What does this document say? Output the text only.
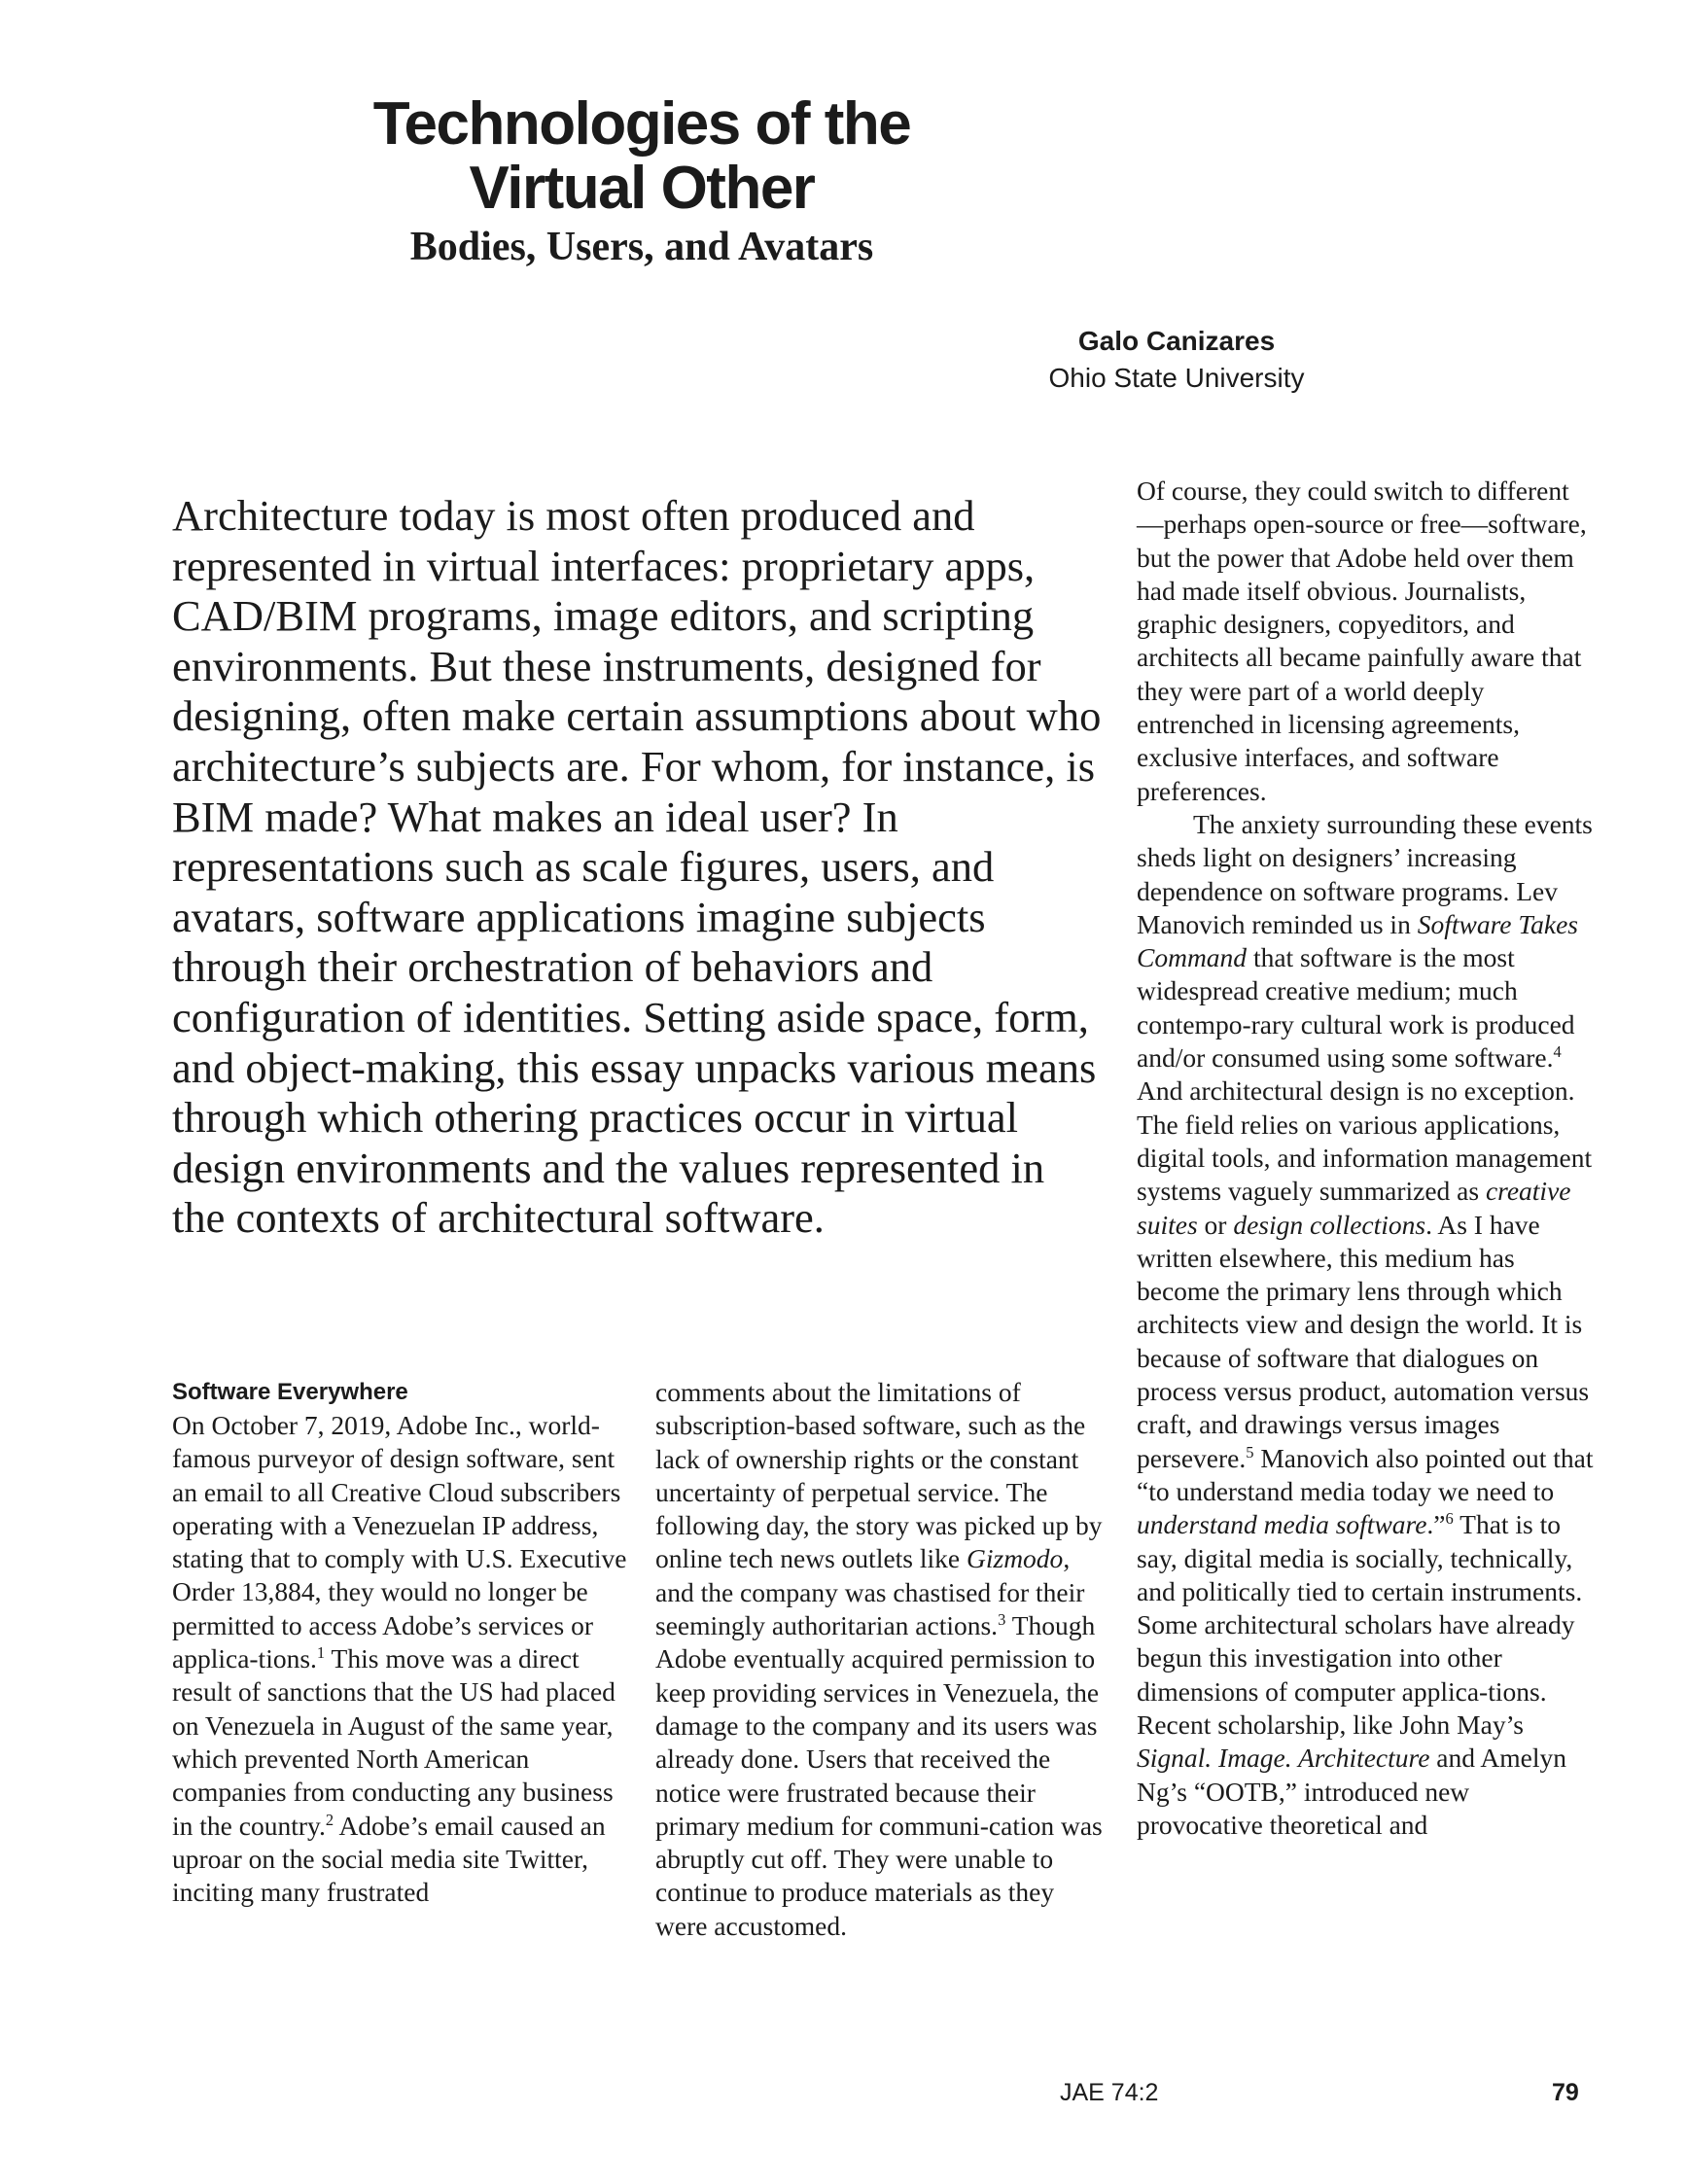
Technologies of the
Virtual Other
Bodies, Users, and Avatars
Galo Canizares
Ohio State University

Architecture today is most often produced and represented in virtual interfaces: proprietary apps, CAD/BIM programs, image editors, and scripting environments. But these instruments, designed for designing, often make certain assumptions about who architecture’s subjects are. For whom, for instance, is BIM made? What makes an ideal user? In representations such as scale figures, users, and avatars, software applications imagine subjects through their orchestration of behaviors and configuration of identities. Setting aside space, form, and object-making, this essay unpacks various means through which othering practices occur in virtual design environments and the values represented in the contexts of architectural software.

Software Everywhere

On October 7, 2019, Adobe Inc., world-famous purveyor of design software, sent an email to all Creative Cloud subscribers operating with a Venezuelan IP address, stating that to comply with U.S. Executive Order 13,884, they would no longer be permitted to access Adobe’s services or applica-tions.$^1$ This move was a direct result of sanctions that the US had placed on Venezuela in August of the same year, which prevented North American companies from conducting any business in the country.$^2$ Adobe’s email caused an uproar on the social media site Twitter, inciting many frustrated

comments about the limitations of subscription-based software, such as the lack of ownership rights or the constant uncertainty of perpetual service. The following day, the story was picked up by online tech news outlets like Gizmodo, and the company was chastised for their seemingly authoritarian actions.$^3$ Though Adobe eventually acquired permission to keep providing services in Venezuela, the damage to the company and its users was already done. Users that received the notice were frustrated because their primary medium for communi-cation was abruptly cut off. They were unable to continue to produce materials as they were accustomed.

Of course, they could switch to different—perhaps open-source or free—software, but the power that Adobe held over them had made itself obvious. Journalists, graphic designers, copyeditors, and architects all became painfully aware that they were part of a world deeply entrenched in licensing agreements, exclusive interfaces, and software preferences.

The anxiety surrounding these events sheds light on designers’ increasing dependence on software programs. Lev Manovich reminded us in Software Takes Command that software is the most widespread creative medium; much contempo-rary cultural work is produced and/or consumed using some software.$^4$ And architectural design is no exception. The field relies on various applications, digital tools, and information management systems vaguely summarized as creative suites or design collections. As I have written elsewhere, this medium has become the primary lens through which architects view and design the world. It is because of software that dialogues on process versus product, automation versus craft, and drawings versus images persevere.$^5$ Manovich also pointed out that “to understand media today we need to understand media software.”$^6$ That is to say, digital media is socially, technically, and politically tied to certain instruments. Some architectural scholars have already begun this investigation into other dimensions of computer applica-tions. Recent scholarship, like John May’s Signal. Image. Architecture and Amelyn Ng’s “OOTB,” introduced new provocative theoretical and

JAE 74:2	79
